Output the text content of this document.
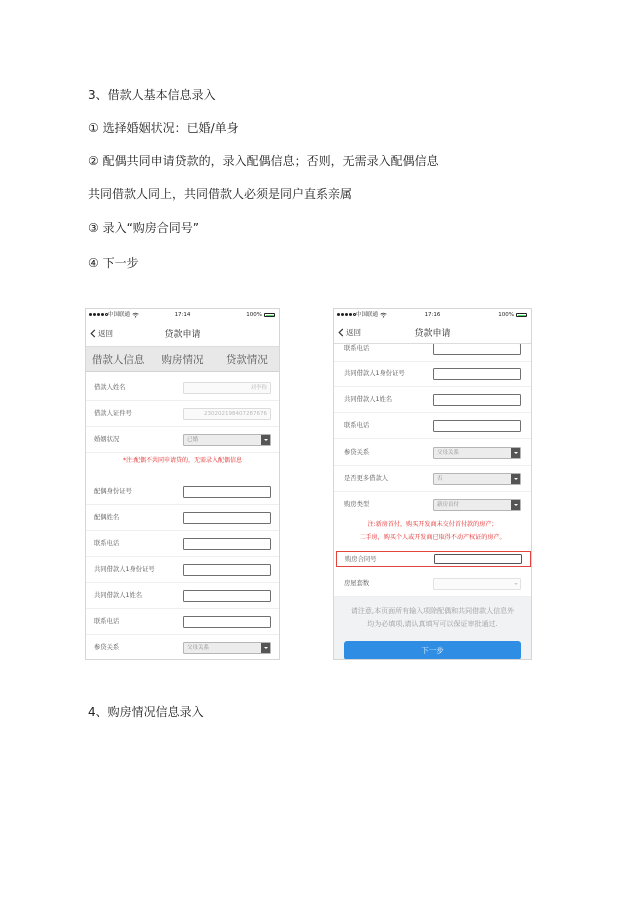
3、借款人基本信息录入
① 选择婚姻状况：已婚/单身
② 配偶共同申请贷款的，录入配偶信息；否则，无需录入配偶信息
共同借款人同上，共同借款人必须是同户直系亲属
③ 录入“购房合同号”
④ 下一步
4、购房情况信息录入
中国联通	17:14	100%
返回	贷款申请
借款人信息	购房情况	贷款情况
借款人姓名	刘李称
借款人证件号	230202198407287676
婚姻状况	已婚
*注:配偶不共同申请贷的，无需录入配偶信息
配偶身份证号
配偶姓名
联系电话
共同借款人1身份证号
共同借款人1姓名
联系电话
参贷关系	父母关系
中国联通	17:16	100%
返回	贷款申请
联系电话
共同借款人1身份证号
共同借款人1姓名
联系电话
参贷关系	父母关系
是否更多借款人	否
购房类型	新房首付
注:新房首付，购买开发商未交付首付款的房产；
二手房，购买个人或开发商已取得不动产权证的房产。
购房合同号
房屋套数
请注意,本页面所有输入项除配偶和共同借款人信息外
均为必填项,请认真填写可以保证审批通过.
下一步
